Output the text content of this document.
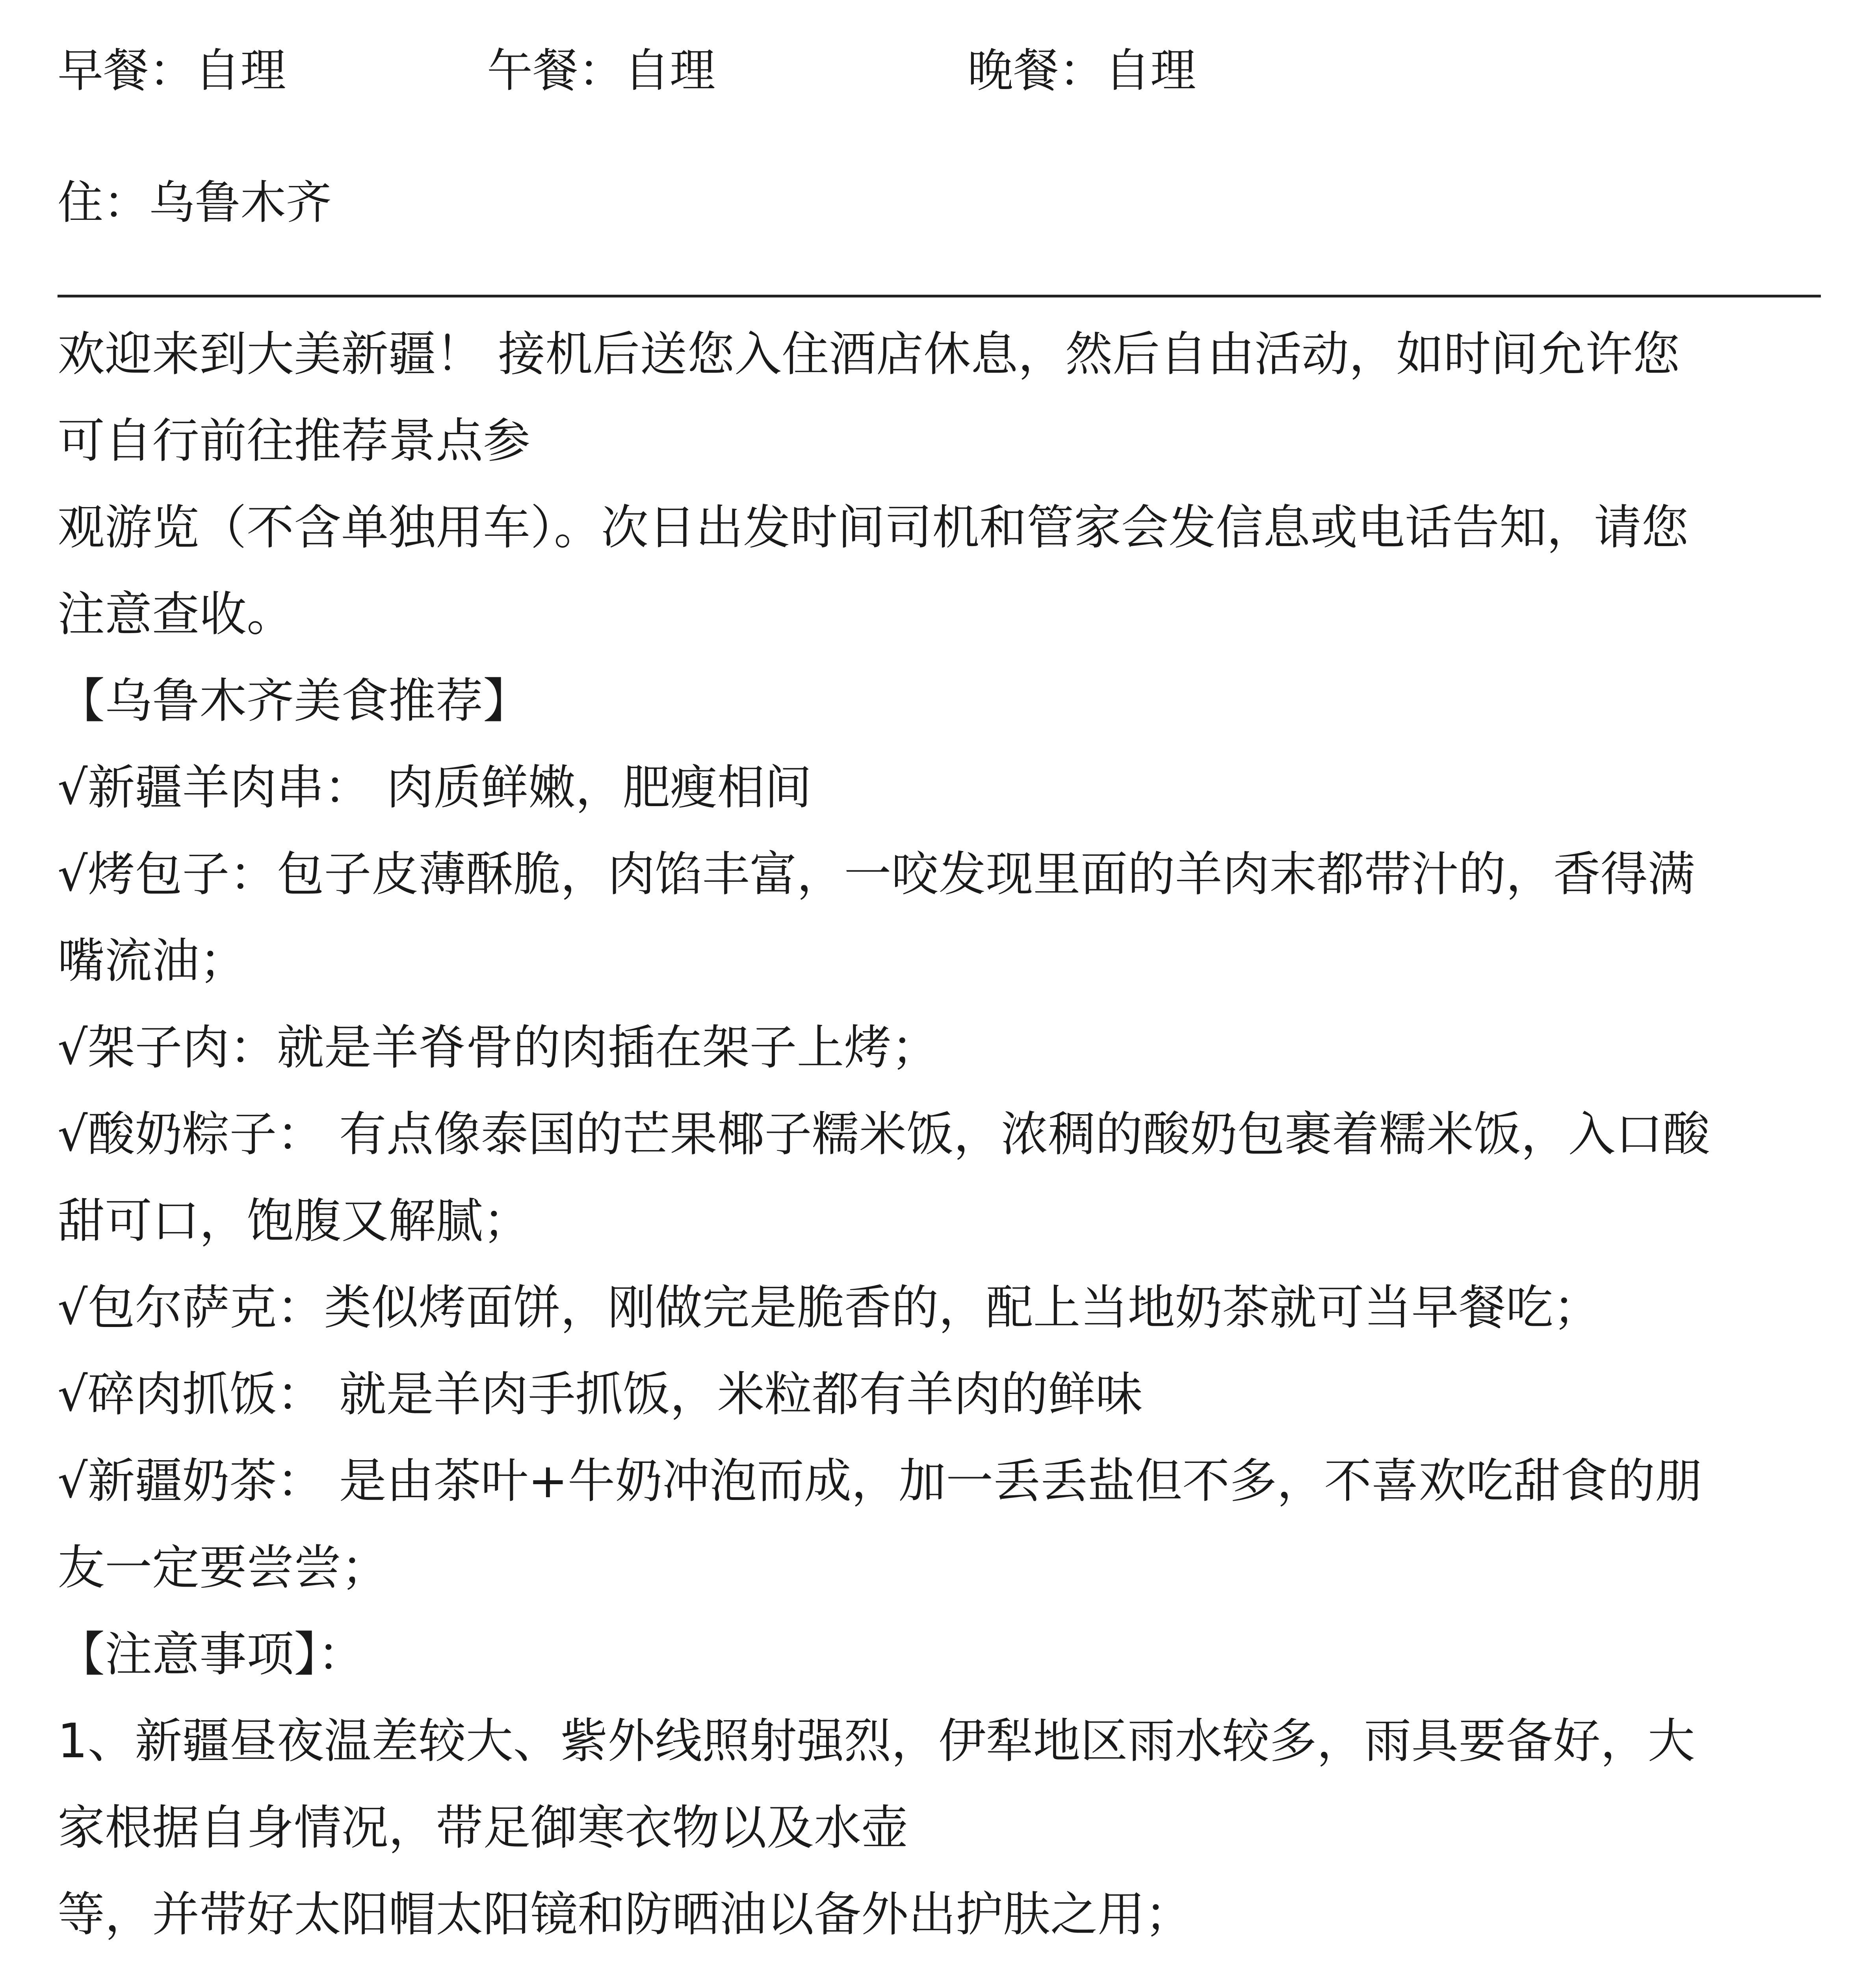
早餐：自理	午餐：自理	晚餐：自理
住：乌鲁木齐
欢迎来到大美新疆！ 接机后送您入住酒店休息，然后自由活动，如时间允许您
可自行前往推荐景点参
观游览（不含单独用车）。次日出发时间司机和管家会发信息或电话告知，请您
注意查收。
【乌鲁木齐美食推荐】
√新疆羊肉串： 肉质鲜嫩，肥瘦相间
√烤包子：包子皮薄酥脆，肉馅丰富，一咬发现里面的羊肉末都带汁的，香得满
嘴流油；
√架子肉：就是羊脊骨的肉插在架子上烤；
√酸奶粽子： 有点像泰国的芒果椰子糯米饭，浓稠的酸奶包裹着糯米饭，入口酸
甜可口，饱腹又解腻；
√包尔萨克：类似烤面饼，刚做完是脆香的，配上当地奶茶就可当早餐吃；
√碎肉抓饭： 就是羊肉手抓饭，米粒都有羊肉的鲜味
√新疆奶茶： 是由茶叶+牛奶冲泡而成，加一丢丢盐但不多，不喜欢吃甜食的朋
友一定要尝尝；
【注意事项】：
1、新疆昼夜温差较大、紫外线照射强烈，伊犁地区雨水较多，雨具要备好，大
家根据自身情况，带足御寒衣物以及水壶
等，并带好太阳帽太阳镜和防晒油以备外出护肤之用；
